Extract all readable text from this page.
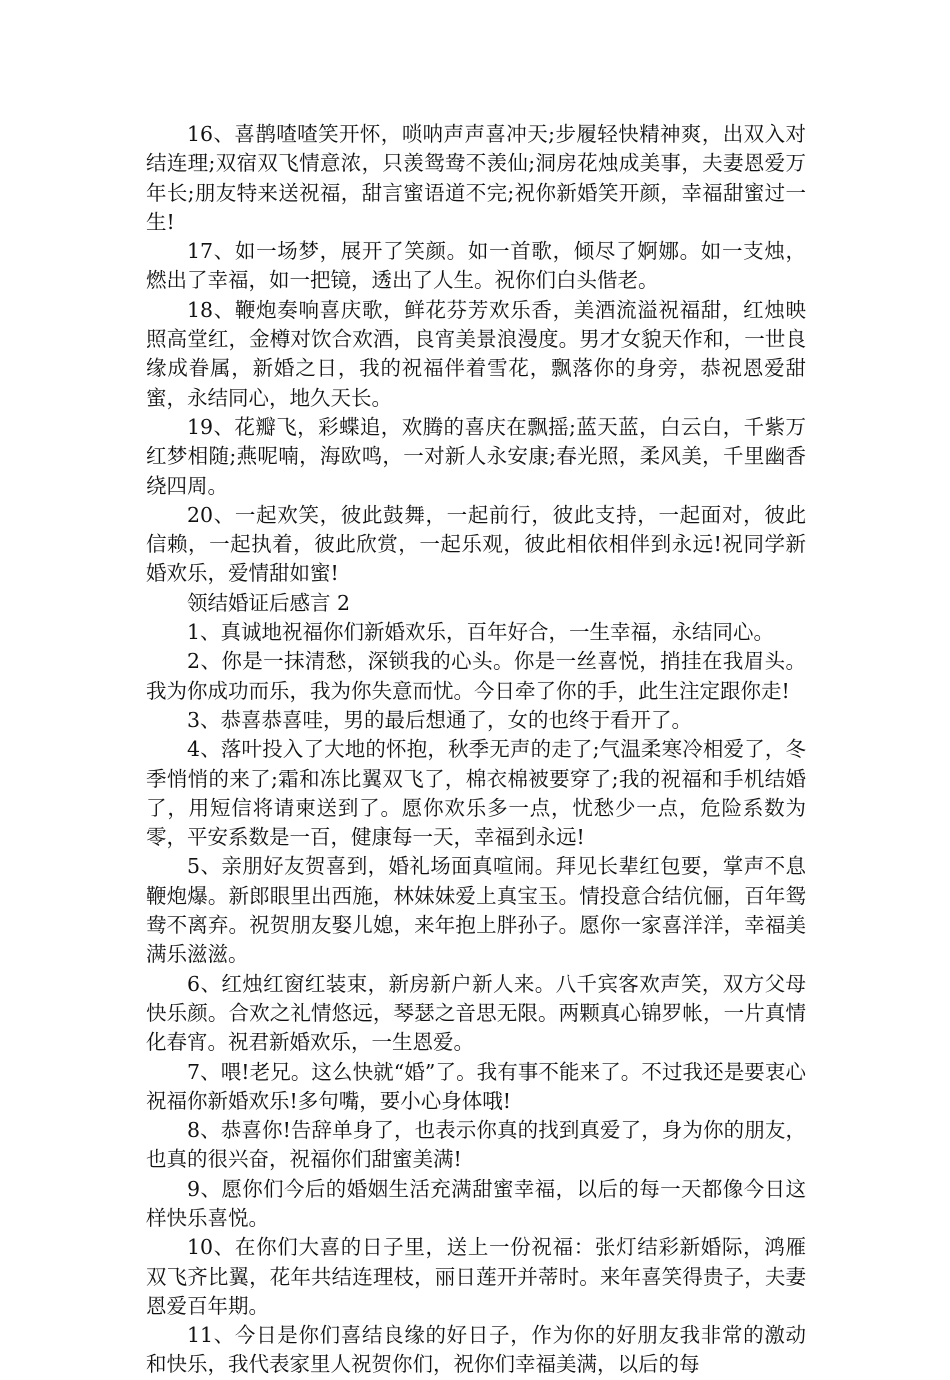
16、喜鹊喳喳笑开怀，唢呐声声喜冲天;步履轻快精神爽，出双入对结连理;双宿双飞情意浓，只羡鸳鸯不羡仙;洞房花烛成美事，夫妻恩爱万年长;朋友特来送祝福，甜言蜜语道不完;祝你新婚笑开颜，幸福甜蜜过一生!

17、如一场梦，展开了笑颜。如一首歌，倾尽了婀娜。如一支烛，燃出了幸福，如一把镜，透出了人生。祝你们白头偕老。

18、鞭炮奏响喜庆歌，鲜花芬芳欢乐香，美酒流溢祝福甜，红烛映照高堂红，金樽对饮合欢酒，良宵美景浪漫度。男才女貌天作和，一世良缘成眷属，新婚之日，我的祝福伴着雪花，飘落你的身旁，恭祝恩爱甜蜜，永结同心，地久天长。

19、花瓣飞，彩蝶追，欢腾的喜庆在飘摇;蓝天蓝，白云白，千紫万红梦相随;燕呢喃，海欧鸣，一对新人永安康;春光照，柔风美，千里幽香绕四周。

20、一起欢笑，彼此鼓舞，一起前行，彼此支持，一起面对，彼此信赖，一起执着，彼此欣赏，一起乐观，彼此相依相伴到永远!祝同学新婚欢乐，爱情甜如蜜!

领结婚证后感言 2

1、真诚地祝福你们新婚欢乐，百年好合，一生幸福，永结同心。

2、你是一抹清愁，深锁我的心头。你是一丝喜悦，捎挂在我眉头。我为你成功而乐，我为你失意而忧。今日牵了你的手，此生注定跟你走!

3、恭喜恭喜哇，男的最后想通了，女的也终于看开了。

4、落叶投入了大地的怀抱，秋季无声的走了;气温柔寒冷相爱了，冬季悄悄的来了;霜和冻比翼双飞了，棉衣棉被要穿了;我的祝福和手机结婚了，用短信将请柬送到了。愿你欢乐多一点，忧愁少一点，危险系数为零，平安系数是一百，健康每一天，幸福到永远!

5、亲朋好友贺喜到，婚礼场面真喧闹。拜见长辈红包要，掌声不息鞭炮爆。新郎眼里出西施，林妹妹爱上真宝玉。情投意合结伉俪，百年鸳鸯不离弃。祝贺朋友娶儿媳，来年抱上胖孙子。愿你一家喜洋洋，幸福美满乐滋滋。

6、红烛红窗红装束，新房新户新人来。八千宾客欢声笑，双方父母快乐颜。合欢之礼情悠远，琴瑟之音思无限。两颗真心锦罗帐，一片真情化春宵。祝君新婚欢乐，一生恩爱。

7、喂!老兄。这么快就“婚”了。我有事不能来了。不过我还是要衷心祝福你新婚欢乐!多句嘴，要小心身体哦!

8、恭喜你!告辞单身了，也表示你真的找到真爱了，身为你的朋友，也真的很兴奋，祝福你们甜蜜美满!

9、愿你们今后的婚姻生活充满甜蜜幸福，以后的每一天都像今日这样快乐喜悦。

10、在你们大喜的日子里，送上一份祝福：张灯结彩新婚际，鸿雁双飞齐比翼，花年共结连理枝，丽日莲开并蒂时。来年喜笑得贵子，夫妻恩爱百年期。

11、今日是你们喜结良缘的好日子，作为你的好朋友我非常的激动和快乐，我代表家里人祝贺你们，祝你们幸福美满，以后的每
